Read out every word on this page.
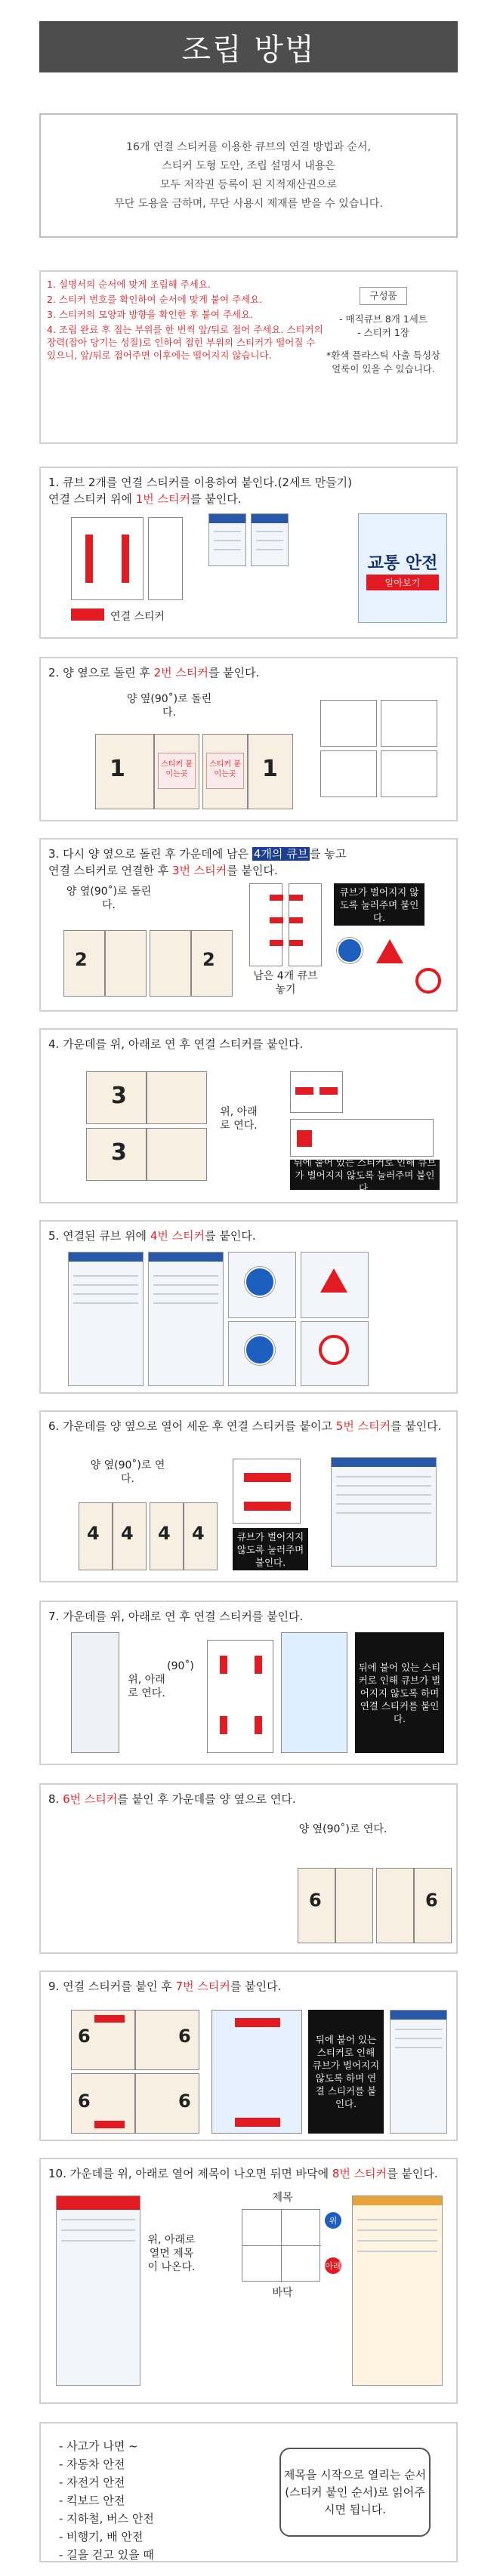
조립 방법
16개 연결 스티커를 이용한 큐브의 연결 방법과 순서,
스티커 도형 도안, 조립 설명서 내용은
모두 저작권 등록이 된 지적재산권으로
무단 도용을 금하며, 무단 사용시 제재를 받을 수 있습니다.
1. 설명서의 순서에 맞게 조립해 주세요.
2. 스티커 번호를 확인하여 순서에 맞게 붙여 주세요.
3. 스티커의 모양과 방향을 확인한 후 붙여 주세요.
4. 조립 완료 후 접는 부위를 한 번씩 앞/뒤로 접어 주세요. 스티커의 장력(잡아 당기는 성질)로 인하여 접힌 부위의 스티커가 떨어질 수 있으니, 앞/뒤로 접어주면 이후에는 떨어지지 않습니다.
구성품
- 매직큐브 8개 1세트
- 스티커 1장
*환색 플라스틱 사출 특성상 얼룩이 있을 수 있습니다.
1. 큐브 2개를 연결 스티커를 이용하여 붙인다.(2세트 만들기)
연결 스티커 위에 1번 스티커를 붙인다.
연결 스티커
교통 안전
알아보기
2. 양 옆으로 돌린 후 2번 스티커를 붙인다.
양 옆(90˚)로 돌린다.
1	스티커 붙이는곳
스티커 붙이는곳	1
3. 다시 양 옆으로 돌린 후 가운데에 남은 4개의 큐브 를 놓고
연결 스티커로 연결한 후 3번 스티커를 붙인다.
양 옆(90˚)로 돌린다.
2	2
남은 4개 큐브 놓기
큐브가 벌어지지 않도록 눌러주며 붙인다.
4. 가운데를 위, 아래로 연 후 연결 스티커를 붙인다.
3
3
위, 아래로 연다.
뒤에 붙어 있는 스티커로 인해 큐브가 벌어지지 않도록 눌러주며 붙인다.
5. 연결된 큐브 위에 4번 스티커를 붙인다.
6. 가운데를 양 옆으로 열어 세운 후 연결 스티커를 붙이고 5번 스티커를 붙인다.
양 옆(90˚)로 연다.
4 4 4 4	큐브가 벌어지지 않도록 눌러주며 붙인다.
7. 가운데를 위, 아래로 연 후 연결 스티커를 붙인다.
위, 아래로 연다.
(90˚)	뒤에 붙어 있는 스티커로 인해 큐브가 벌어지지 않도록 하며 연결 스티커를 붙인다.
8. 6번 스티커를 붙인 후 가운데를 양 옆으로 연다.
양 옆(90˚)로 연다.
6	6
9. 연결 스티커를 붙인 후 7번 스티커를 붙인다.
6	6
6	6
뒤에 붙어 있는 스티커로 인해 큐브가 벌어지지 않도록 하며 연결 스티커를 붙인다.
10. 가운데를 위, 아래로 열어 제목이 나오면 뒤면 바닥에 8번 스티커를 붙인다.
위, 아래로 열면 제목이 나온다.
제목
위
아래
바닥
- 사고가 나면 ~
- 자동차 안전
- 자전거 안전
- 킥보드 안전
- 지하철, 버스 안전
- 비행기, 배 안전
- 길을 걷고 있을 때
제목을 시작으로 열리는 순서 (스티커 붙인 순서)로 읽어주시면 됩니다.
